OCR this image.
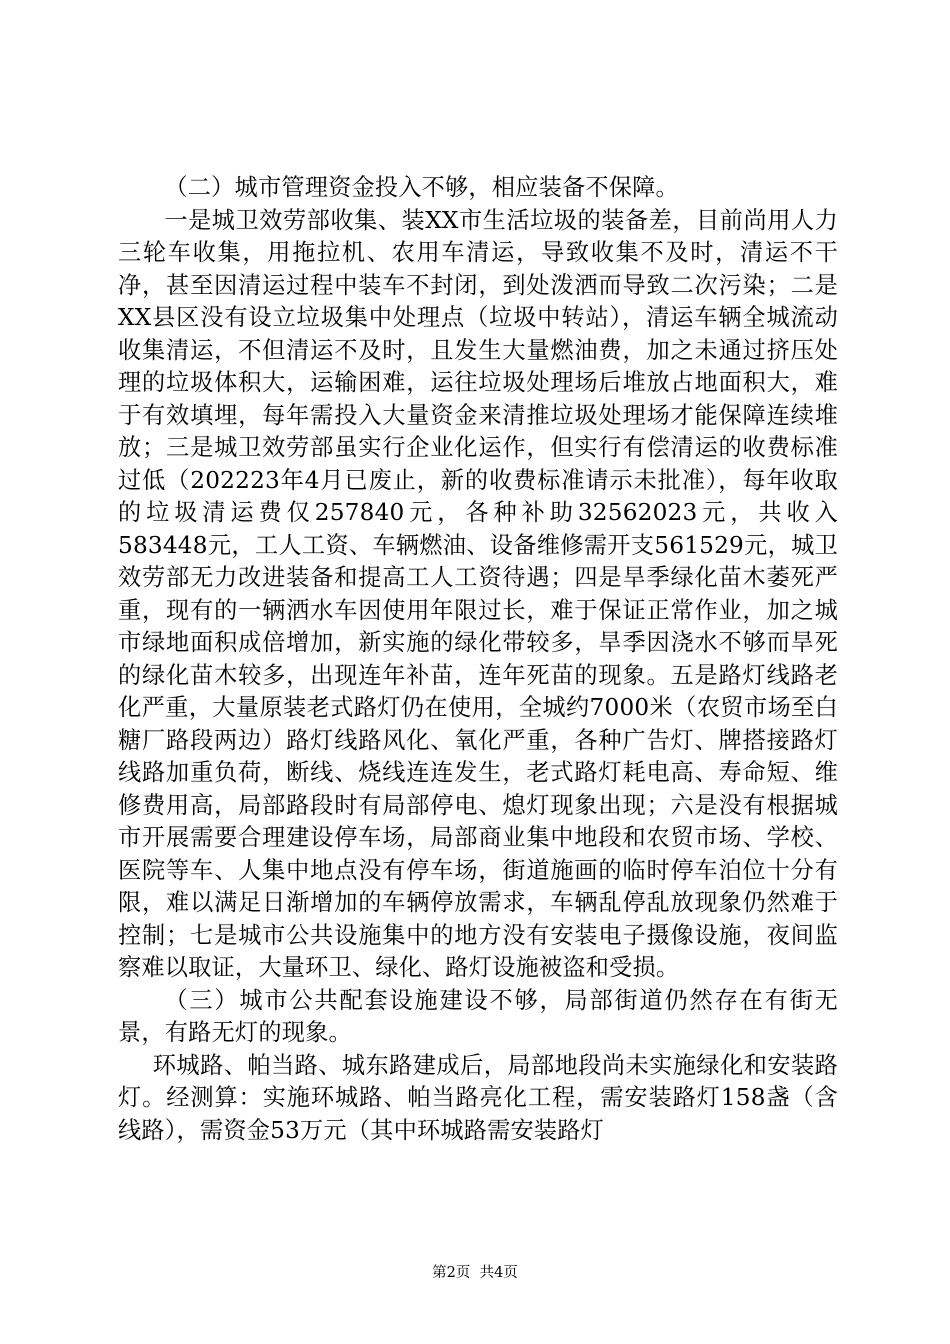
（二）城市管理资金投入不够，相应装备不保障。

一是城卫效劳部收集、装XX市生活垃圾的装备差，目前尚用人力三轮车收集，用拖拉机、农用车清运，导致收集不及时，清运不干净，甚至因清运过程中装车不封闭，到处泼洒而导致二次污染；二是XX县区没有设立垃圾集中处理点（垃圾中转站），清运车辆全城流动收集清运，不但清运不及时，且发生大量燃油费，加之未通过挤压处理的垃圾体积大，运输困难，运往垃圾处理场后堆放占地面积大，难于有效填埋，每年需投入大量资金来清推垃圾处理场才能保障连续堆放；三是城卫效劳部虽实行企业化运作，但实行有偿清运的收费标准过低（202223年4月已废止，新的收费标准请示未批准），每年收取的垃圾清运费仅257840元，各种补助32562023元，共收入583448元，工人工资、车辆燃油、设备维修需开支561529元，城卫效劳部无力改进装备和提高工人工资待遇；四是旱季绿化苗木萎死严重，现有的一辆洒水车因使用年限过长，难于保证正常作业，加之城市绿地面积成倍增加，新实施的绿化带较多，旱季因浇水不够而旱死的绿化苗木较多，出现连年补苗，连年死苗的现象。五是路灯线路老化严重，大量原装老式路灯仍在使用，全城约7000米（农贸市场至白糖厂路段两边）路灯线路风化、氧化严重，各种广告灯、牌搭接路灯线路加重负荷，断线、烧线连连发生，老式路灯耗电高、寿命短、维修费用高，局部路段时有局部停电、熄灯现象出现；六是没有根据城市开展需要合理建设停车场，局部商业集中地段和农贸市场、学校、医院等车、人集中地点没有停车场，街道施画的临时停车泊位十分有限，难以满足日渐增加的车辆停放需求，车辆乱停乱放现象仍然难于控制；七是城市公共设施集中的地方没有安装电子摄像设施，夜间监察难以取证，大量环卫、绿化、路灯设施被盗和受损。

（三）城市公共配套设施建设不够，局部街道仍然存在有街无景，有路无灯的现象。

环城路、帕当路、城东路建成后，局部地段尚未实施绿化和安装路灯。经测算：实施环城路、帕当路亮化工程，需安装路灯158盏（含线路），需资金53万元（其中环城路需安装路灯

第2页  共4页
